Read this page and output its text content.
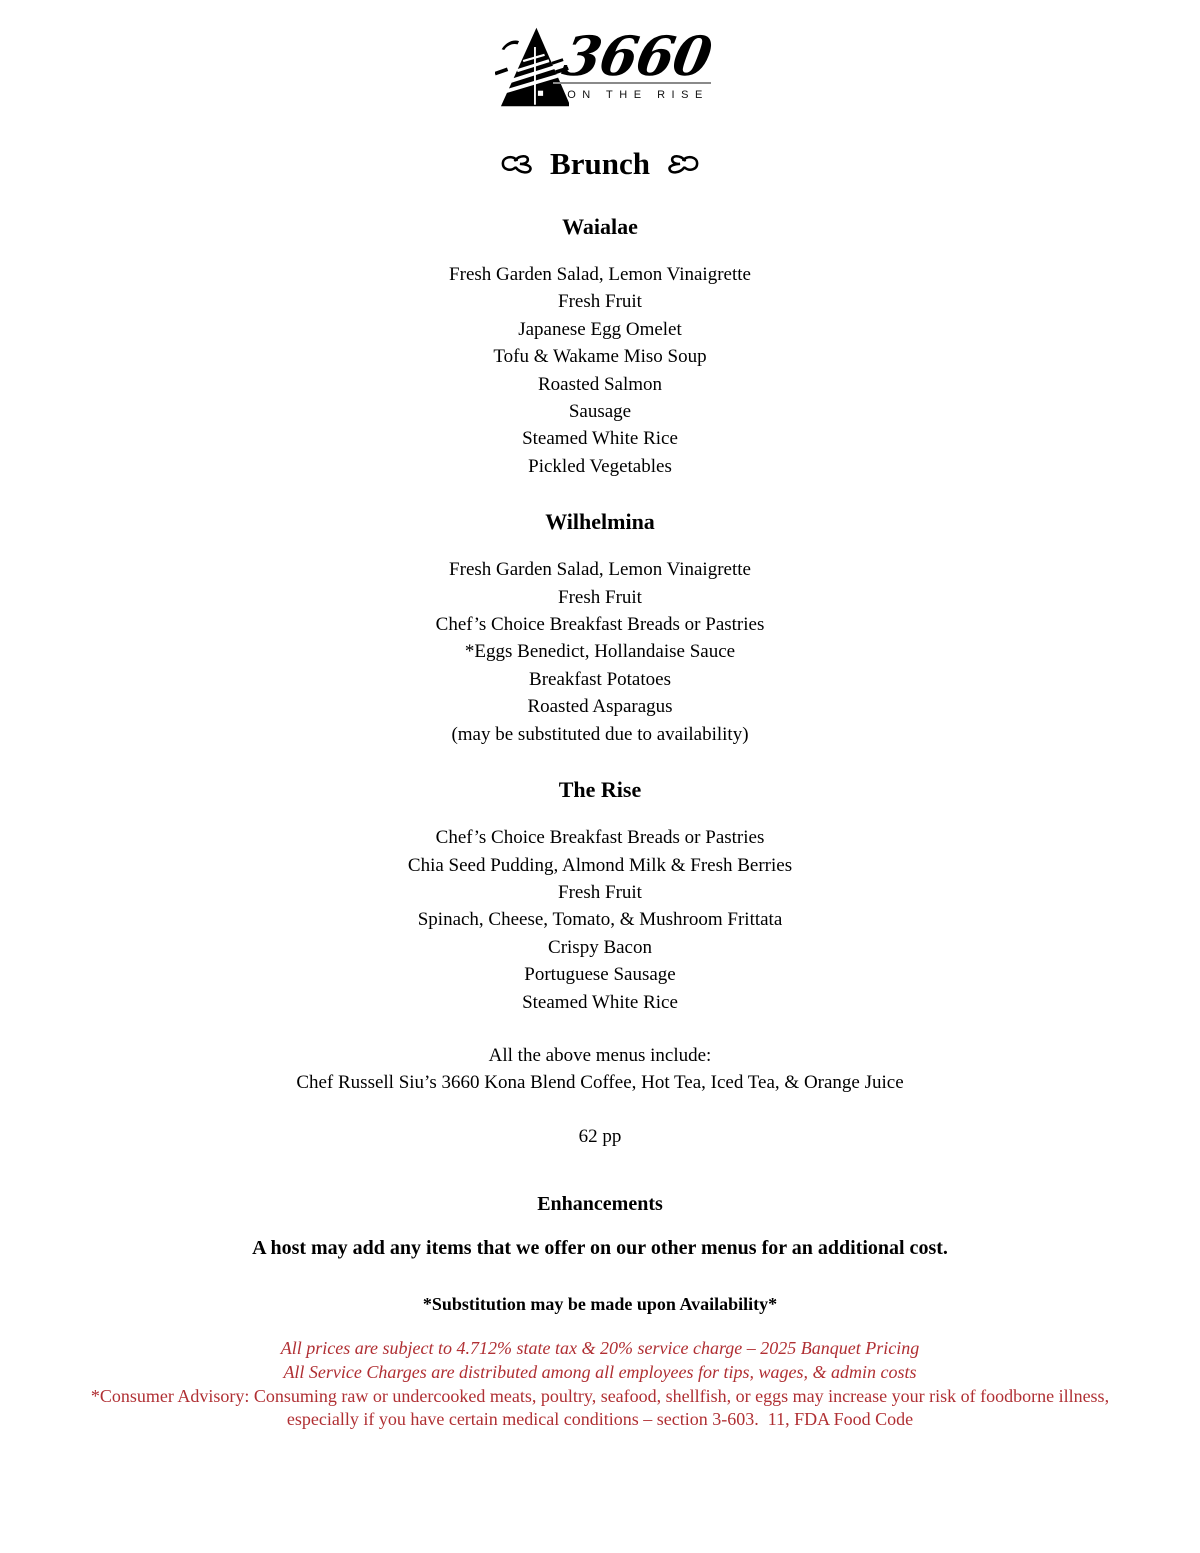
3660
ON THE RISE
Brunch
Waialae
Fresh Garden Salad, Lemon Vinaigrette
Fresh Fruit
Japanese Egg Omelet
Tofu & Wakame Miso Soup
Roasted Salmon
Sausage
Steamed White Rice
Pickled Vegetables
Wilhelmina
Fresh Garden Salad, Lemon Vinaigrette
Fresh Fruit
Chef’s Choice Breakfast Breads or Pastries
*Eggs Benedict, Hollandaise Sauce
Breakfast Potatoes
Roasted Asparagus
(may be substituted due to availability)
The Rise
Chef’s Choice Breakfast Breads or Pastries
Chia Seed Pudding, Almond Milk & Fresh Berries
Fresh Fruit
Spinach, Cheese, Tomato, & Mushroom Frittata
Crispy Bacon
Portuguese Sausage
Steamed White Rice
All the above menus include:
Chef Russell Siu’s 3660 Kona Blend Coffee, Hot Tea, Iced Tea, & Orange Juice
62 pp
Enhancements
A host may add any items that we offer on our other menus for an additional cost.
*Substitution may be made upon Availability*
All prices are subject to 4.712% state tax & 20% service charge – 2025 Banquet Pricing
All Service Charges are distributed among all employees for tips, wages, & admin costs
*Consumer Advisory: Consuming raw or undercooked meats, poultry, seafood, shellfish, or eggs may increase your risk of foodborne illness, especially if you have certain medical conditions – section 3-603.  11, FDA Food Code
